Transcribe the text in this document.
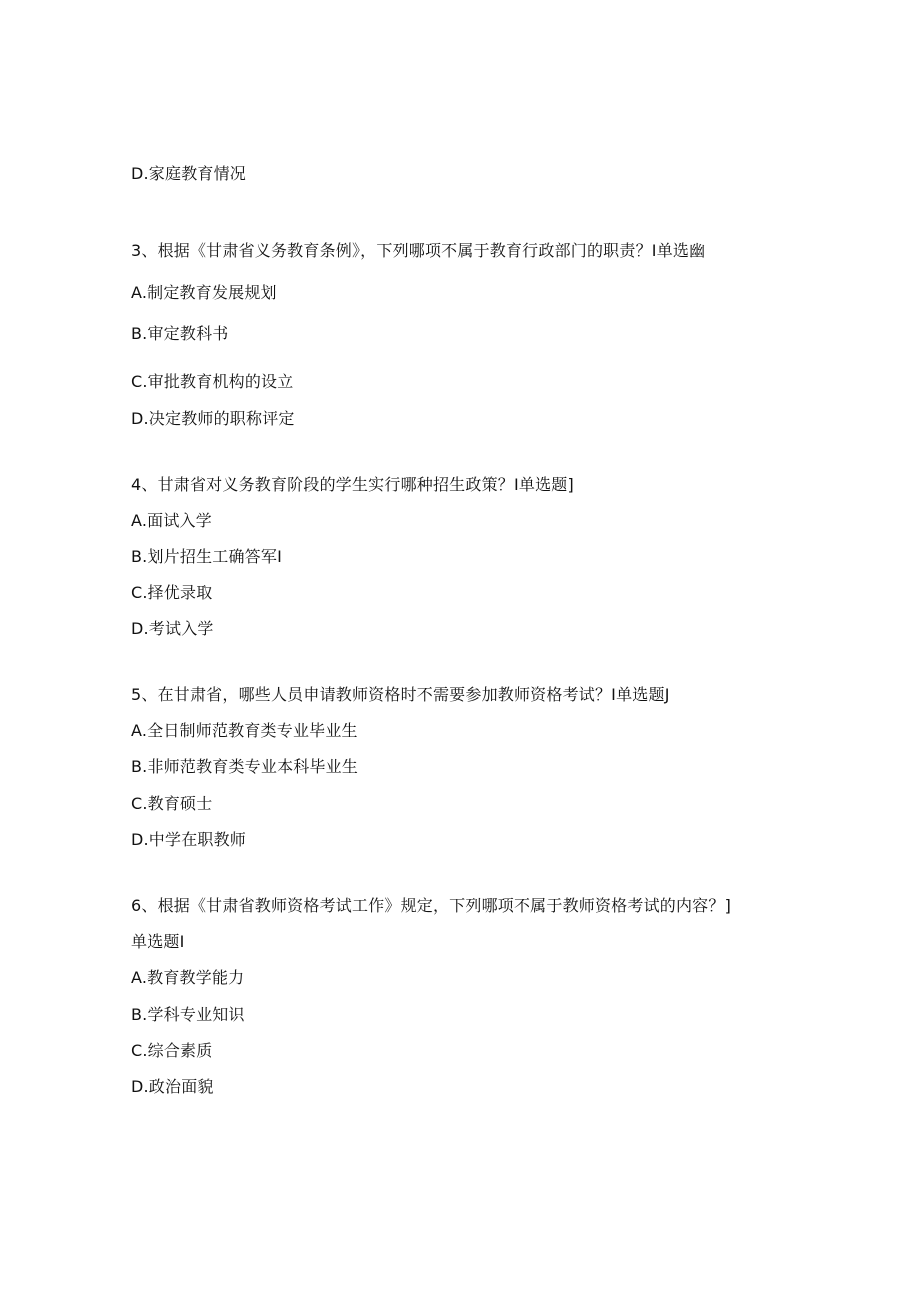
D.家庭教育情况
3、根据《甘肃省义务教育条例》，下列哪项不属于教育行政部门的职责？I单选幽
A.制定教育发展规划
B.审定教科书
C.审批教育机构的设立
D.决定教师的职称评定
4、甘肃省对义务教育阶段的学生实行哪种招生政策？I单选题]
A.面试入学
B.划片招生工确答军I
C.择优录取
D.考试入学
5、在甘肃省，哪些人员申请教师资格时不需要参加教师资格考试？I单选题J
A.全日制师范教育类专业毕业生
B.非师范教育类专业本科毕业生
C.教育硕士
D.中学在职教师
6、根据《甘肃省教师资格考试工作》规定，下列哪项不属于教师资格考试的内容？]
单选题I
A.教育教学能力
B.学科专业知识
C.综合素质
D.政治面貌
